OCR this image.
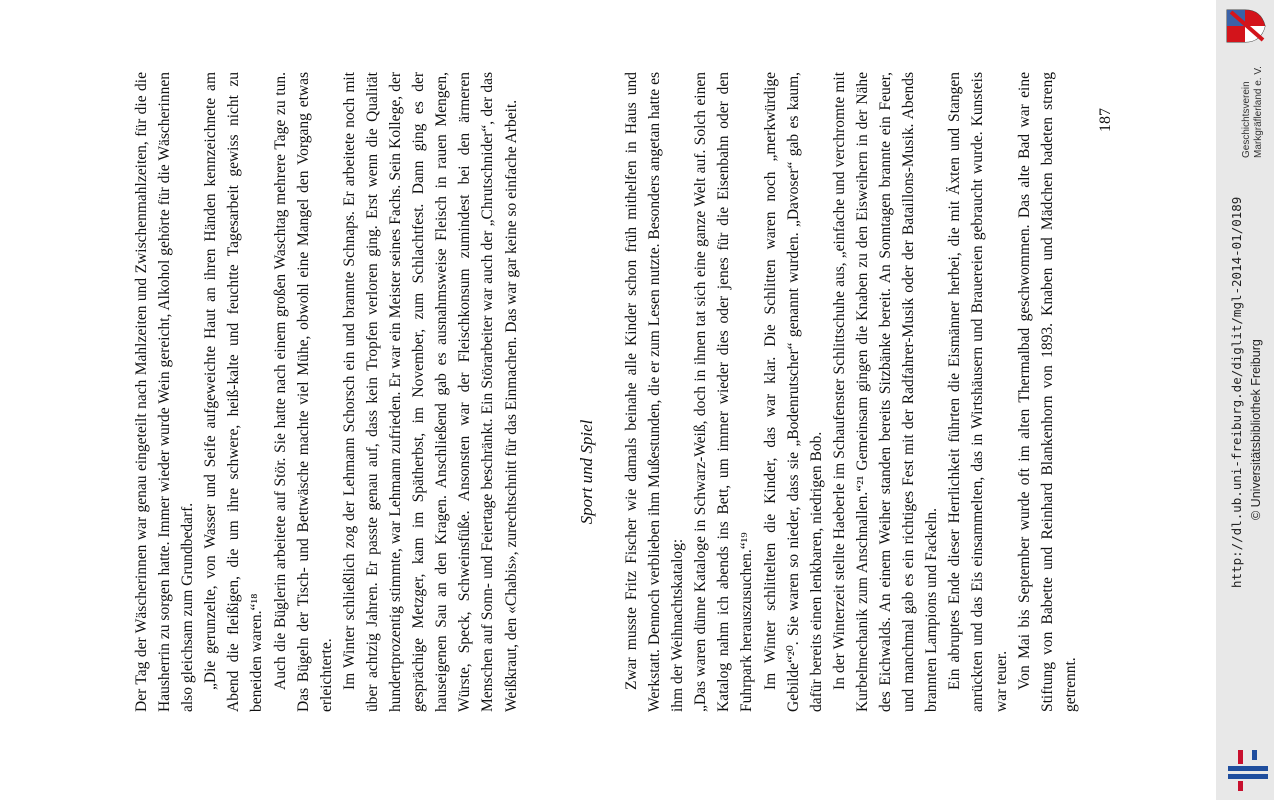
Der Tag der Wäscherinnen war genau eingeteilt nach Mahlzeiten und Zwischenmahlzeiten, für die die Hausherrin zu sorgen hatte. Immer wieder wurde Wein gereicht, Alkohol gehörte für die Wäscherinnen also gleichsam zum Grundbedarf. „Die gerunzelte, von Wasser und Seife aufgeweichte Haut an ihren Händen kennzeichnete am Abend die fleißigen, die um ihre schwere, heiß-kalte und feuchtte Tagesarbeit gewiss nicht zu beneiden waren.“¹⁸ Auch die Büglerin arbeitete auf Stör. Sie hatte nach einem großen Waschtag mehrere Tage zu tun. Das Bügeln der Tisch- und Bettwäsche machte viel Mühe, obwohl eine Mangel den Vorgang etwas erleichterte. Im Winter schließlich zog der Lehmann Schorsch ein und brannte Schnaps. Er arbeitete noch mit über achtzig Jahren. Er passte genau auf, dass kein Tropfen verloren ging. Erst wenn die Qualität hundertprozentig stimmte, war Lehmann zufrieden. Er war ein Meister seines Fachs. Sein Kollege, der gesprächige Metzger, kam im Spätherbst, im November, zum Schlachtfest. Dann ging es der hauseigenen Sau an den Kragen. Anschließend gab es ausnahmsweise Fleisch in rauen Mengen, Würste, Speck, Schweinsfüße. Ansonsten war der Fleischkonsum zumindest bei den ärmeren Menschen auf Sonn- und Feiertage beschränkt. Ein Störarbeiter war auch der „Chrutschnider“, der das Weißkraut, den «Chabis», zurechtschnitt für das Einmachen. Das war gar keine so einfache Arbeit.	Sport und Spiel Zwar musste Fritz Fischer wie damals beinahe alle Kinder schon früh mithelfen in Haus und Werkstatt. Dennoch verblieben ihm Mußestunden, die er zum Lesen nutzte. Besonders angetan hatte es ihm der Weihnachtskatalog: „Das waren dünne Kataloge in Schwarz-Weiß, doch in ihnen tat sich eine ganze Welt auf. Solch einen Katalog nahm ich abends ins Bett, um immer wieder dies oder jenes für die Eisenbahn oder den Fuhrpark herauszusuchen.“¹⁹ Im Winter schlittelten die Kinder, das war klar. Die Schlitten waren noch „merkwürdige Gebilde“²⁰. Sie waren so nieder, dass sie „Bodenrutscher“ genannt wurden. „Davoser“ gab es kaum, dafür bereits einen lenkbaren, niedrigen Bob. In der Winterzeit stellte Haeberle im Schaufenster Schlittschuhe aus, „einfache und verchromte mit Kurbelmechanik zum Anschnallen.“²¹ Gemeinsam gingen die Knaben zu den Eisweihern in der Nähe des Eichwalds. An einem Weiher standen bereits Sitzbänke bereit. An Sonntagen brannte ein Feuer, und manchmal gab es ein richtiges Fest mit der Radfahrer-Musik oder der Bataillons-Musik. Abends brannten Lampions und Fackeln. Ein abruptes Ende dieser Herrlichkeit führten die Eismänner herbei, die mit Äxten und Stangen anrückten und das Eis einsammelten, das in Wirtshäusern und Brauereien gebraucht wurde. Kunsteis war teuer. Von Mai bis September wurde oft im alten Thermalbad geschwommen. Das alte Bad war eine Stiftung von Babette und Reinhard Blankenhorn von 1893. Knaben und Mädchen badeten streng getrennt.

187
http://dl.ub.uni-freiburg.de/diglit/mgl-2014-01/0189 © Universitätsbibliothek Freiburg
Geschichtsverein Markgräflerland e. V.
